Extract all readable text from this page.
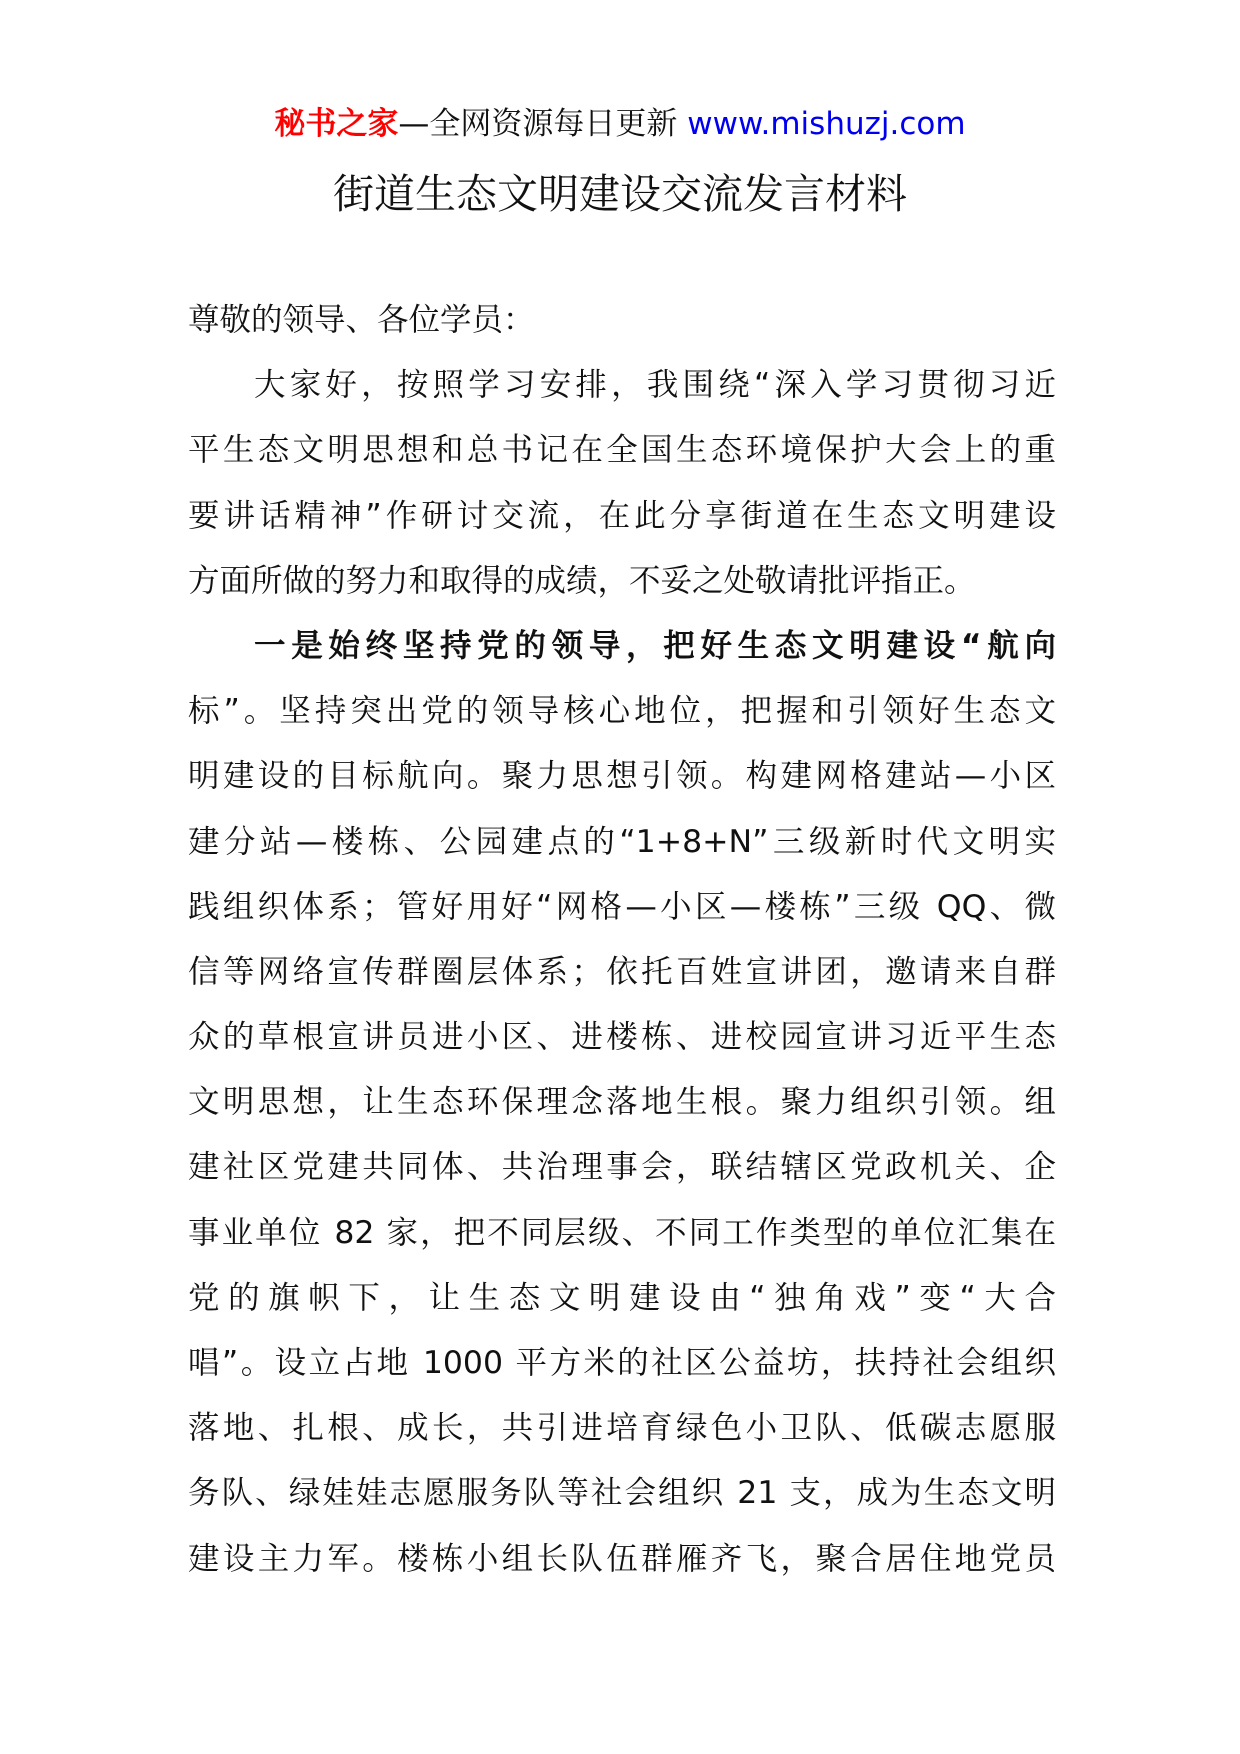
秘书之家—全网资源每日更新 www.mishuzj.com
街道生态文明建设交流发言材料
尊敬的领导、各位学员：
大家好，按照学习安排，我围绕“深入学习贯彻习近
平生态文明思想和总书记在全国生态环境保护大会上的重
要讲话精神”作研讨交流，在此分享街道在生态文明建设
方面所做的努力和取得的成绩，不妥之处敬请批评指正。
一是始终坚持党的领导，把好生态文明建设“航向
标”。坚持突出党的领导核心地位，把握和引领好生态文
明建设的目标航向。聚力思想引领。构建网格建站—小区
建分站—楼栋、公园建点的“1+8+N”三级新时代文明实
践组织体系；管好用好“网格—小区—楼栋”三级 QQ、微
信等网络宣传群圈层体系；依托百姓宣讲团，邀请来自群
众的草根宣讲员进小区、进楼栋、进校园宣讲习近平生态
文明思想，让生态环保理念落地生根。聚力组织引领。组
建社区党建共同体、共治理事会，联结辖区党政机关、企
事业单位 82 家，把不同层级、不同工作类型的单位汇集在
党的旗帜下，让生态文明建设由“独角戏”变“大合
唱”。设立占地 1000 平方米的社区公益坊，扶持社会组织
落地、扎根、成长，共引进培育绿色小卫队、低碳志愿服
务队、绿娃娃志愿服务队等社会组织 21 支，成为生态文明
建设主力军。楼栋小组长队伍群雁齐飞，聚合居住地党员
